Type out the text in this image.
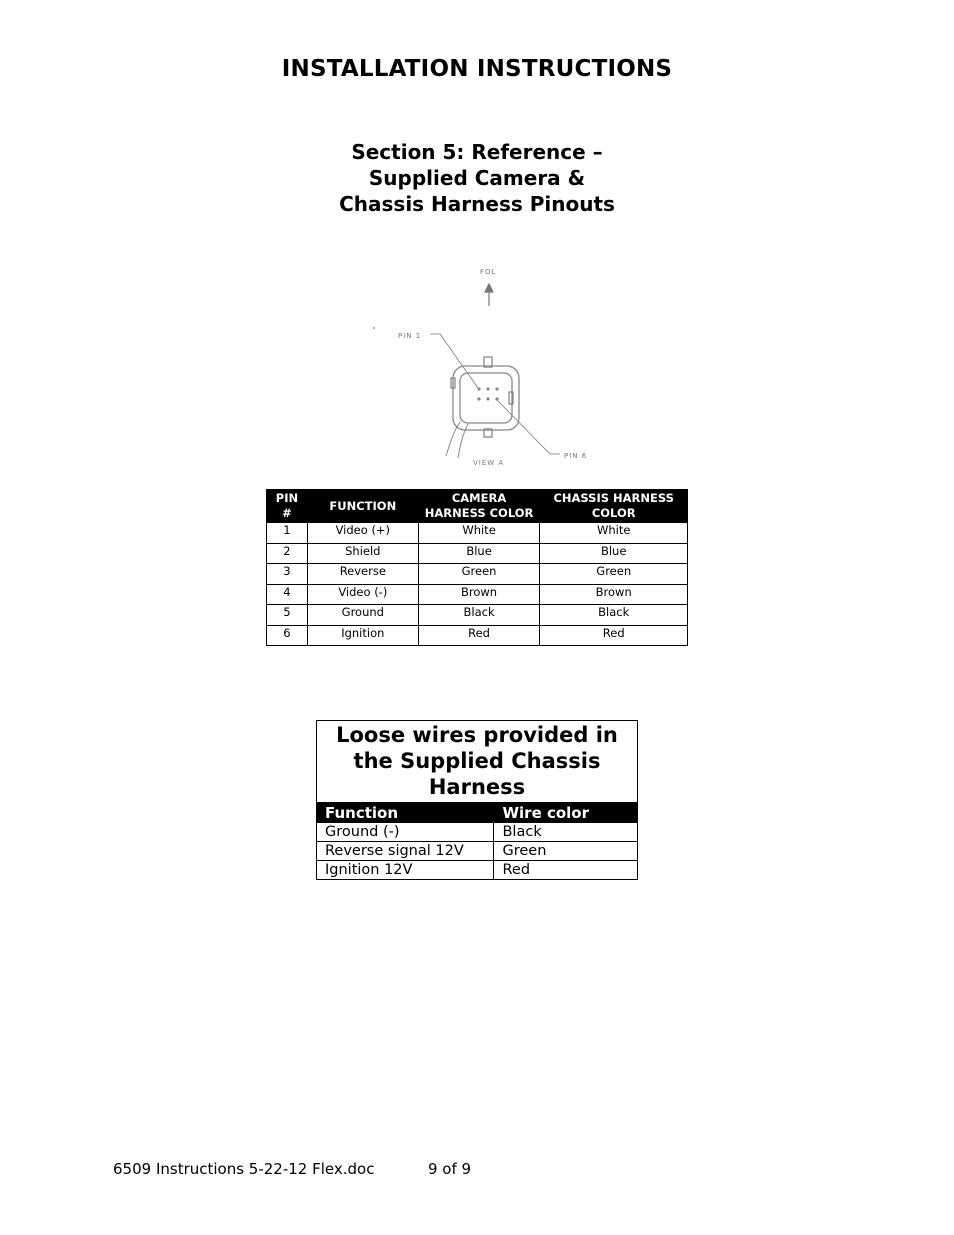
INSTALLATION INSTRUCTIONS
Section 5: Reference –
Supplied Camera &
Chassis Harness Pinouts
FOL
PIN 1
PIN 6
VIEW A
PIN #	FUNCTION	CAMERA HARNESS COLOR	CHASSIS HARNESS COLOR
1	Video (+)	White	White
2	Shield	Blue	Blue
3	Reverse	Green	Green
4	Video (-)	Brown	Brown
5	Ground	Black	Black
6	Ignition	Red	Red
Loose wires provided in the Supplied Chassis Harness	
Function	Wire color
Ground (-)	Black
Reverse signal 12V	Green
Ignition 12V	Red
6509 Instructions 5-22-12 Flex.doc	9 of 9
